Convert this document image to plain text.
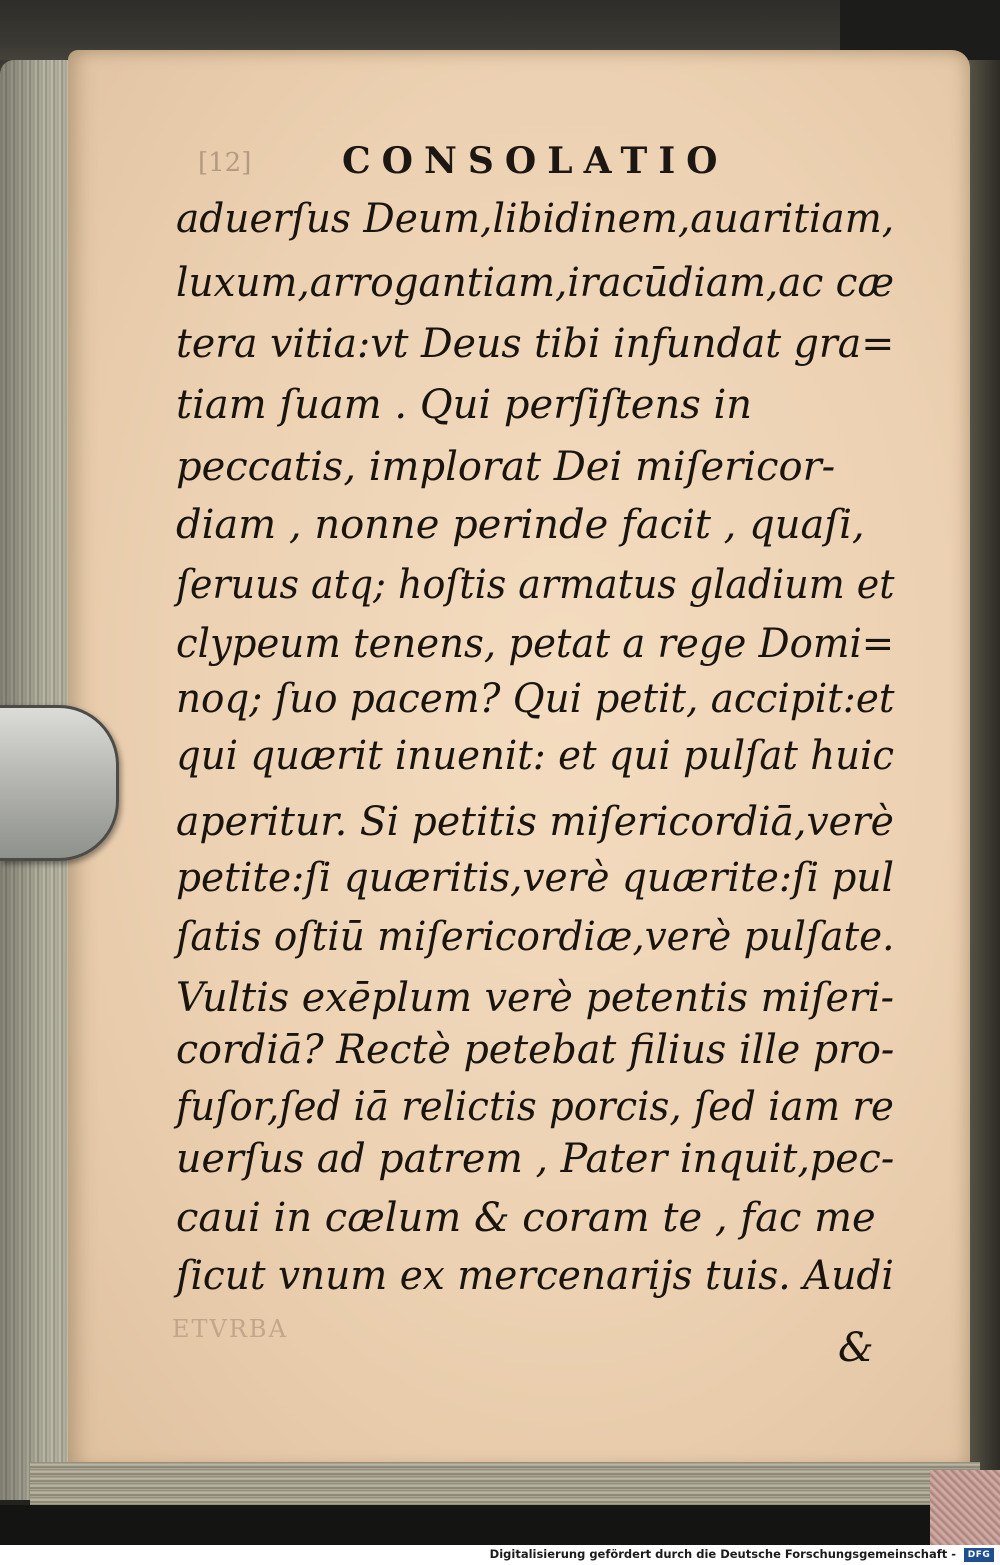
[12]	CONSOLATIO
aduerſus Deum,libidinem,auaritiam,
luxum,arrogantiam,iracūdiam,ac cæ
tera vitia:vt Deus tibi infundat gra=
tiam ſuam . Qui perſiſtens in
peccatis, implorat Dei miſericor-
diam , nonne perinde facit , quaſi,
ſeruus atq; hoſtis armatus gladium et
clypeum tenens, petat a rege Domi=
noq; ſuo pacem? Qui petit, accipit:et
qui quærit inuenit: et qui pulſat huic
aperitur. Si petitis miſericordiā,verè
petite:ſi quæritis,verè quærite:ſi pul
ſatis oſtiū miſericordiæ,verè pulſate.
Vultis exēplum verè petentis miſeri-
cordiā? Rectè petebat filius ille pro-
fuſor,ſed iā relictis porcis, ſed iam re
uerſus ad patrem , Pater inquit,pec-
caui in cælum & coram te , fac me
ſicut vnum ex mercenarijs tuis. Audi
ETVRBA	&
Digitalisierung gefördert durch die Deutsche Forschungsgemeinschaft -	DFG
